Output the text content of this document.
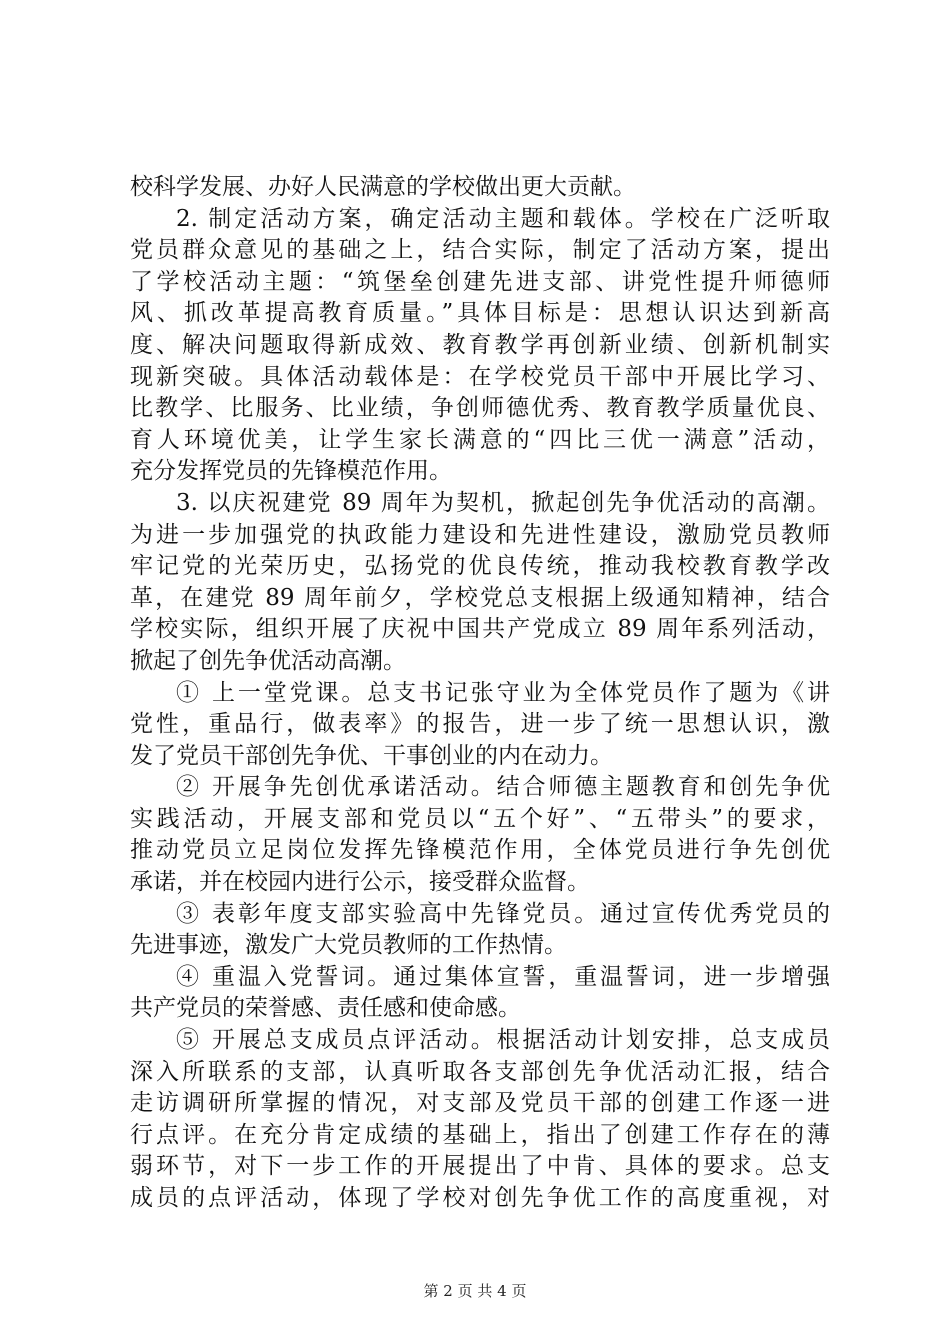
校科学发展、办好人民满意的学校做出更大贡献。
2. 制定活动方案，确定活动主题和载体。学校在广泛听取
党员群众意见的基础之上，结合实际，制定了活动方案，提出
了学校活动主题：“筑堡垒创建先进支部、讲党性提升师德师
风、抓改革提高教育质量。”具体目标是：思想认识达到新高
度、解决问题取得新成效、教育教学再创新业绩、创新机制实
现新突破。具体活动载体是：在学校党员干部中开展比学习、
比教学、比服务、比业绩，争创师德优秀、教育教学质量优良、
育人环境优美，让学生家长满意的“四比三优一满意”活动，
充分发挥党员的先锋模范作用。
3. 以庆祝建党 89 周年为契机，掀起创先争优活动的高潮。
为进一步加强党的执政能力建设和先进性建设，激励党员教师
牢记党的光荣历史，弘扬党的优良传统，推动我校教育教学改
革，在建党 89 周年前夕，学校党总支根据上级通知精神，结合
学校实际，组织开展了庆祝中国共产党成立 89 周年系列活动，
掀起了创先争优活动高潮。
① 上一堂党课。总支书记张守业为全体党员作了题为《讲
党性，重品行，做表率》的报告，进一步了统一思想认识，激
发了党员干部创先争优、干事创业的内在动力。
② 开展争先创优承诺活动。结合师德主题教育和创先争优
实践活动，开展支部和党员以“五个好”、“五带头”的要求，
推动党员立足岗位发挥先锋模范作用，全体党员进行争先创优
承诺，并在校园内进行公示，接受群众监督。
③ 表彰年度支部实验高中先锋党员。通过宣传优秀党员的
先进事迹，激发广大党员教师的工作热情。
④ 重温入党誓词。通过集体宣誓，重温誓词，进一步增强
共产党员的荣誉感、责任感和使命感。
⑤ 开展总支成员点评活动。根据活动计划安排，总支成员
深入所联系的支部，认真听取各支部创先争优活动汇报，结合
走访调研所掌握的情况，对支部及党员干部的创建工作逐一进
行点评。在充分肯定成绩的基础上，指出了创建工作存在的薄
弱环节，对下一步工作的开展提出了中肯、具体的要求。总支
成员的点评活动，体现了学校对创先争优工作的高度重视，对
第 2 页 共 4 页
